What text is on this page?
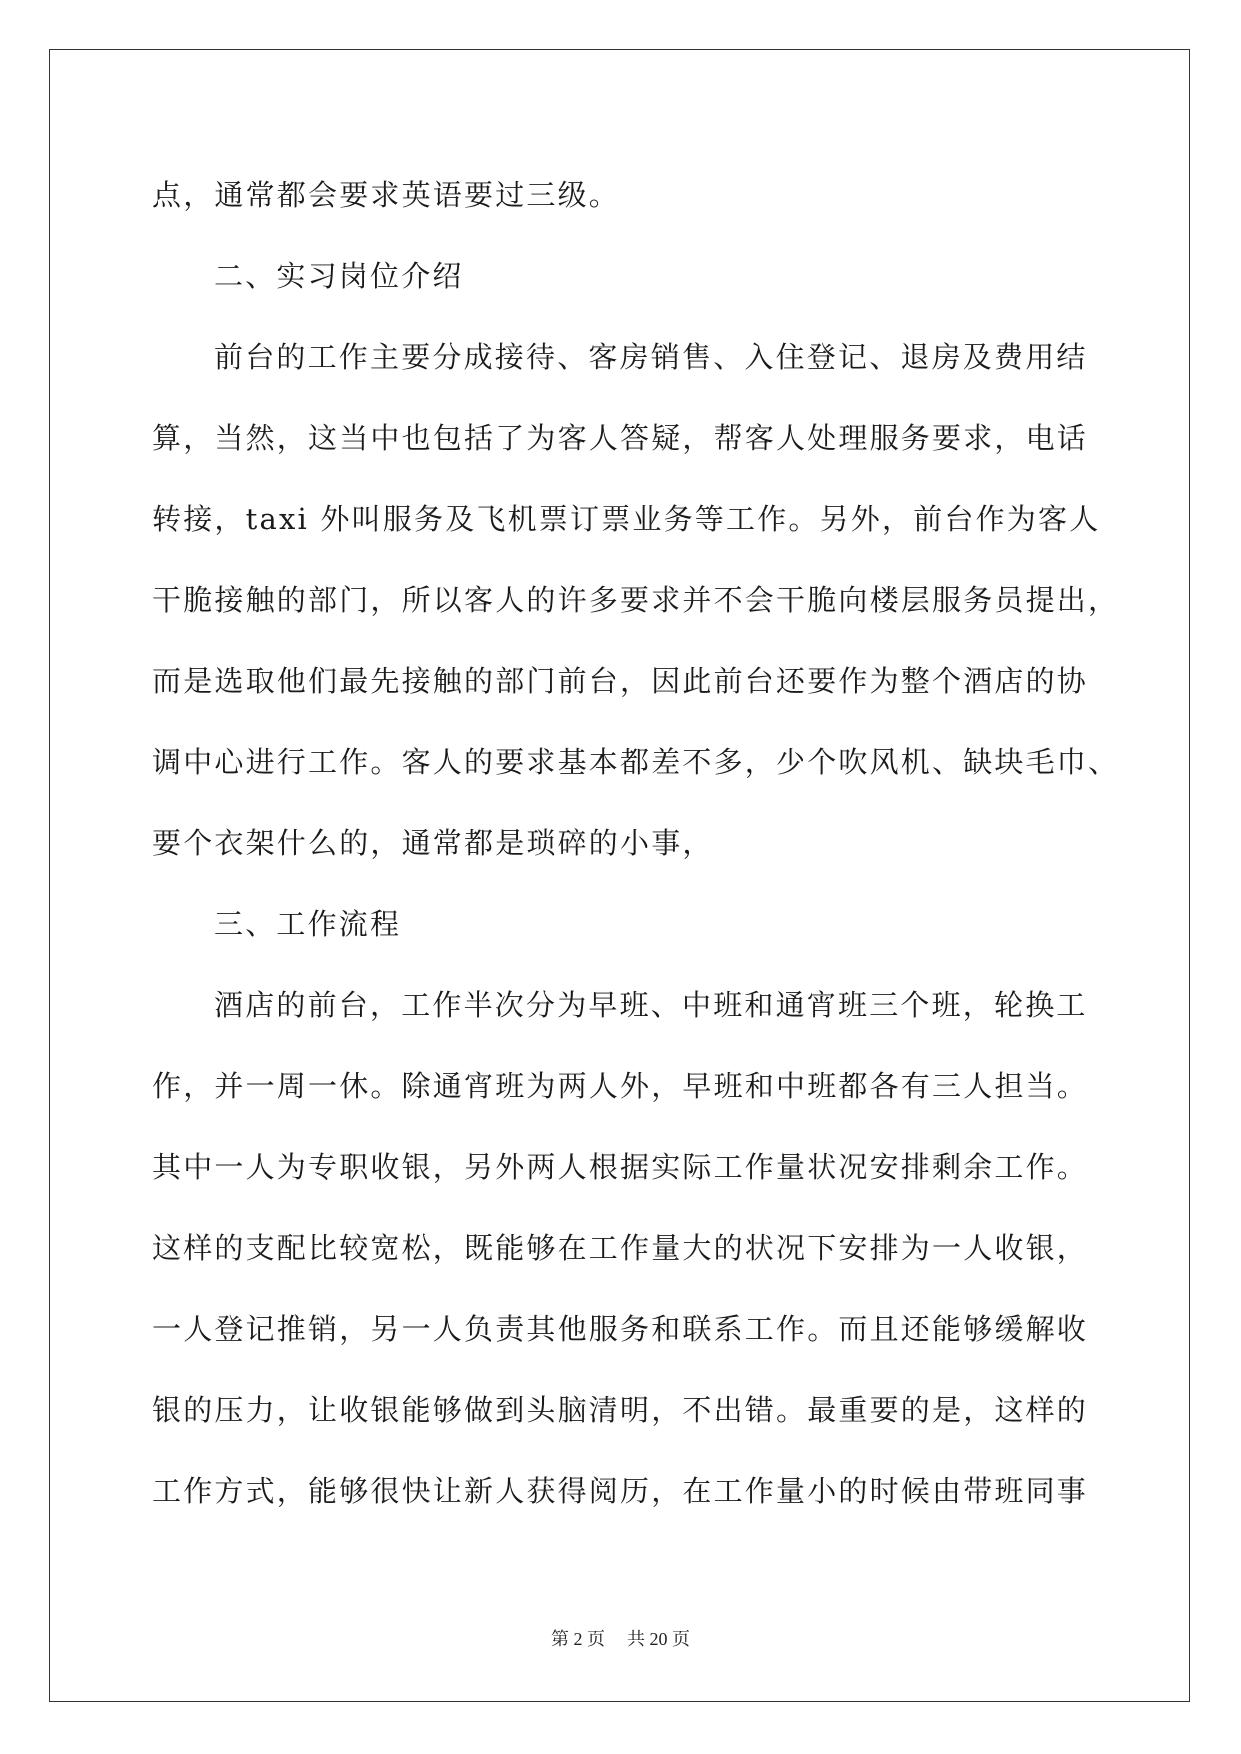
点，通常都会要求英语要过三级。
二、实习岗位介绍
前台的工作主要分成接待、客房销售、入住登记、退房及费用结
算，当然，这当中也包括了为客人答疑，帮客人处理服务要求，电话
转接，taxi 外叫服务及飞机票订票业务等工作。另外，前台作为客人
干脆接触的部门，所以客人的许多要求并不会干脆向楼层服务员提出，
而是选取他们最先接触的部门前台，因此前台还要作为整个酒店的协
调中心进行工作。客人的要求基本都差不多，少个吹风机、缺块毛巾、
要个衣架什么的，通常都是琐碎的小事，
三、工作流程
酒店的前台，工作半次分为早班、中班和通宵班三个班，轮换工
作，并一周一休。除通宵班为两人外，早班和中班都各有三人担当。
其中一人为专职收银，另外两人根据实际工作量状况安排剩余工作。
这样的支配比较宽松，既能够在工作量大的状况下安排为一人收银，
一人登记推销，另一人负责其他服务和联系工作。而且还能够缓解收
银的压力，让收银能够做到头脑清明，不出错。最重要的是，这样的
工作方式，能够很快让新人获得阅历，在工作量小的时候由带班同事
第 2 页 共 20 页
